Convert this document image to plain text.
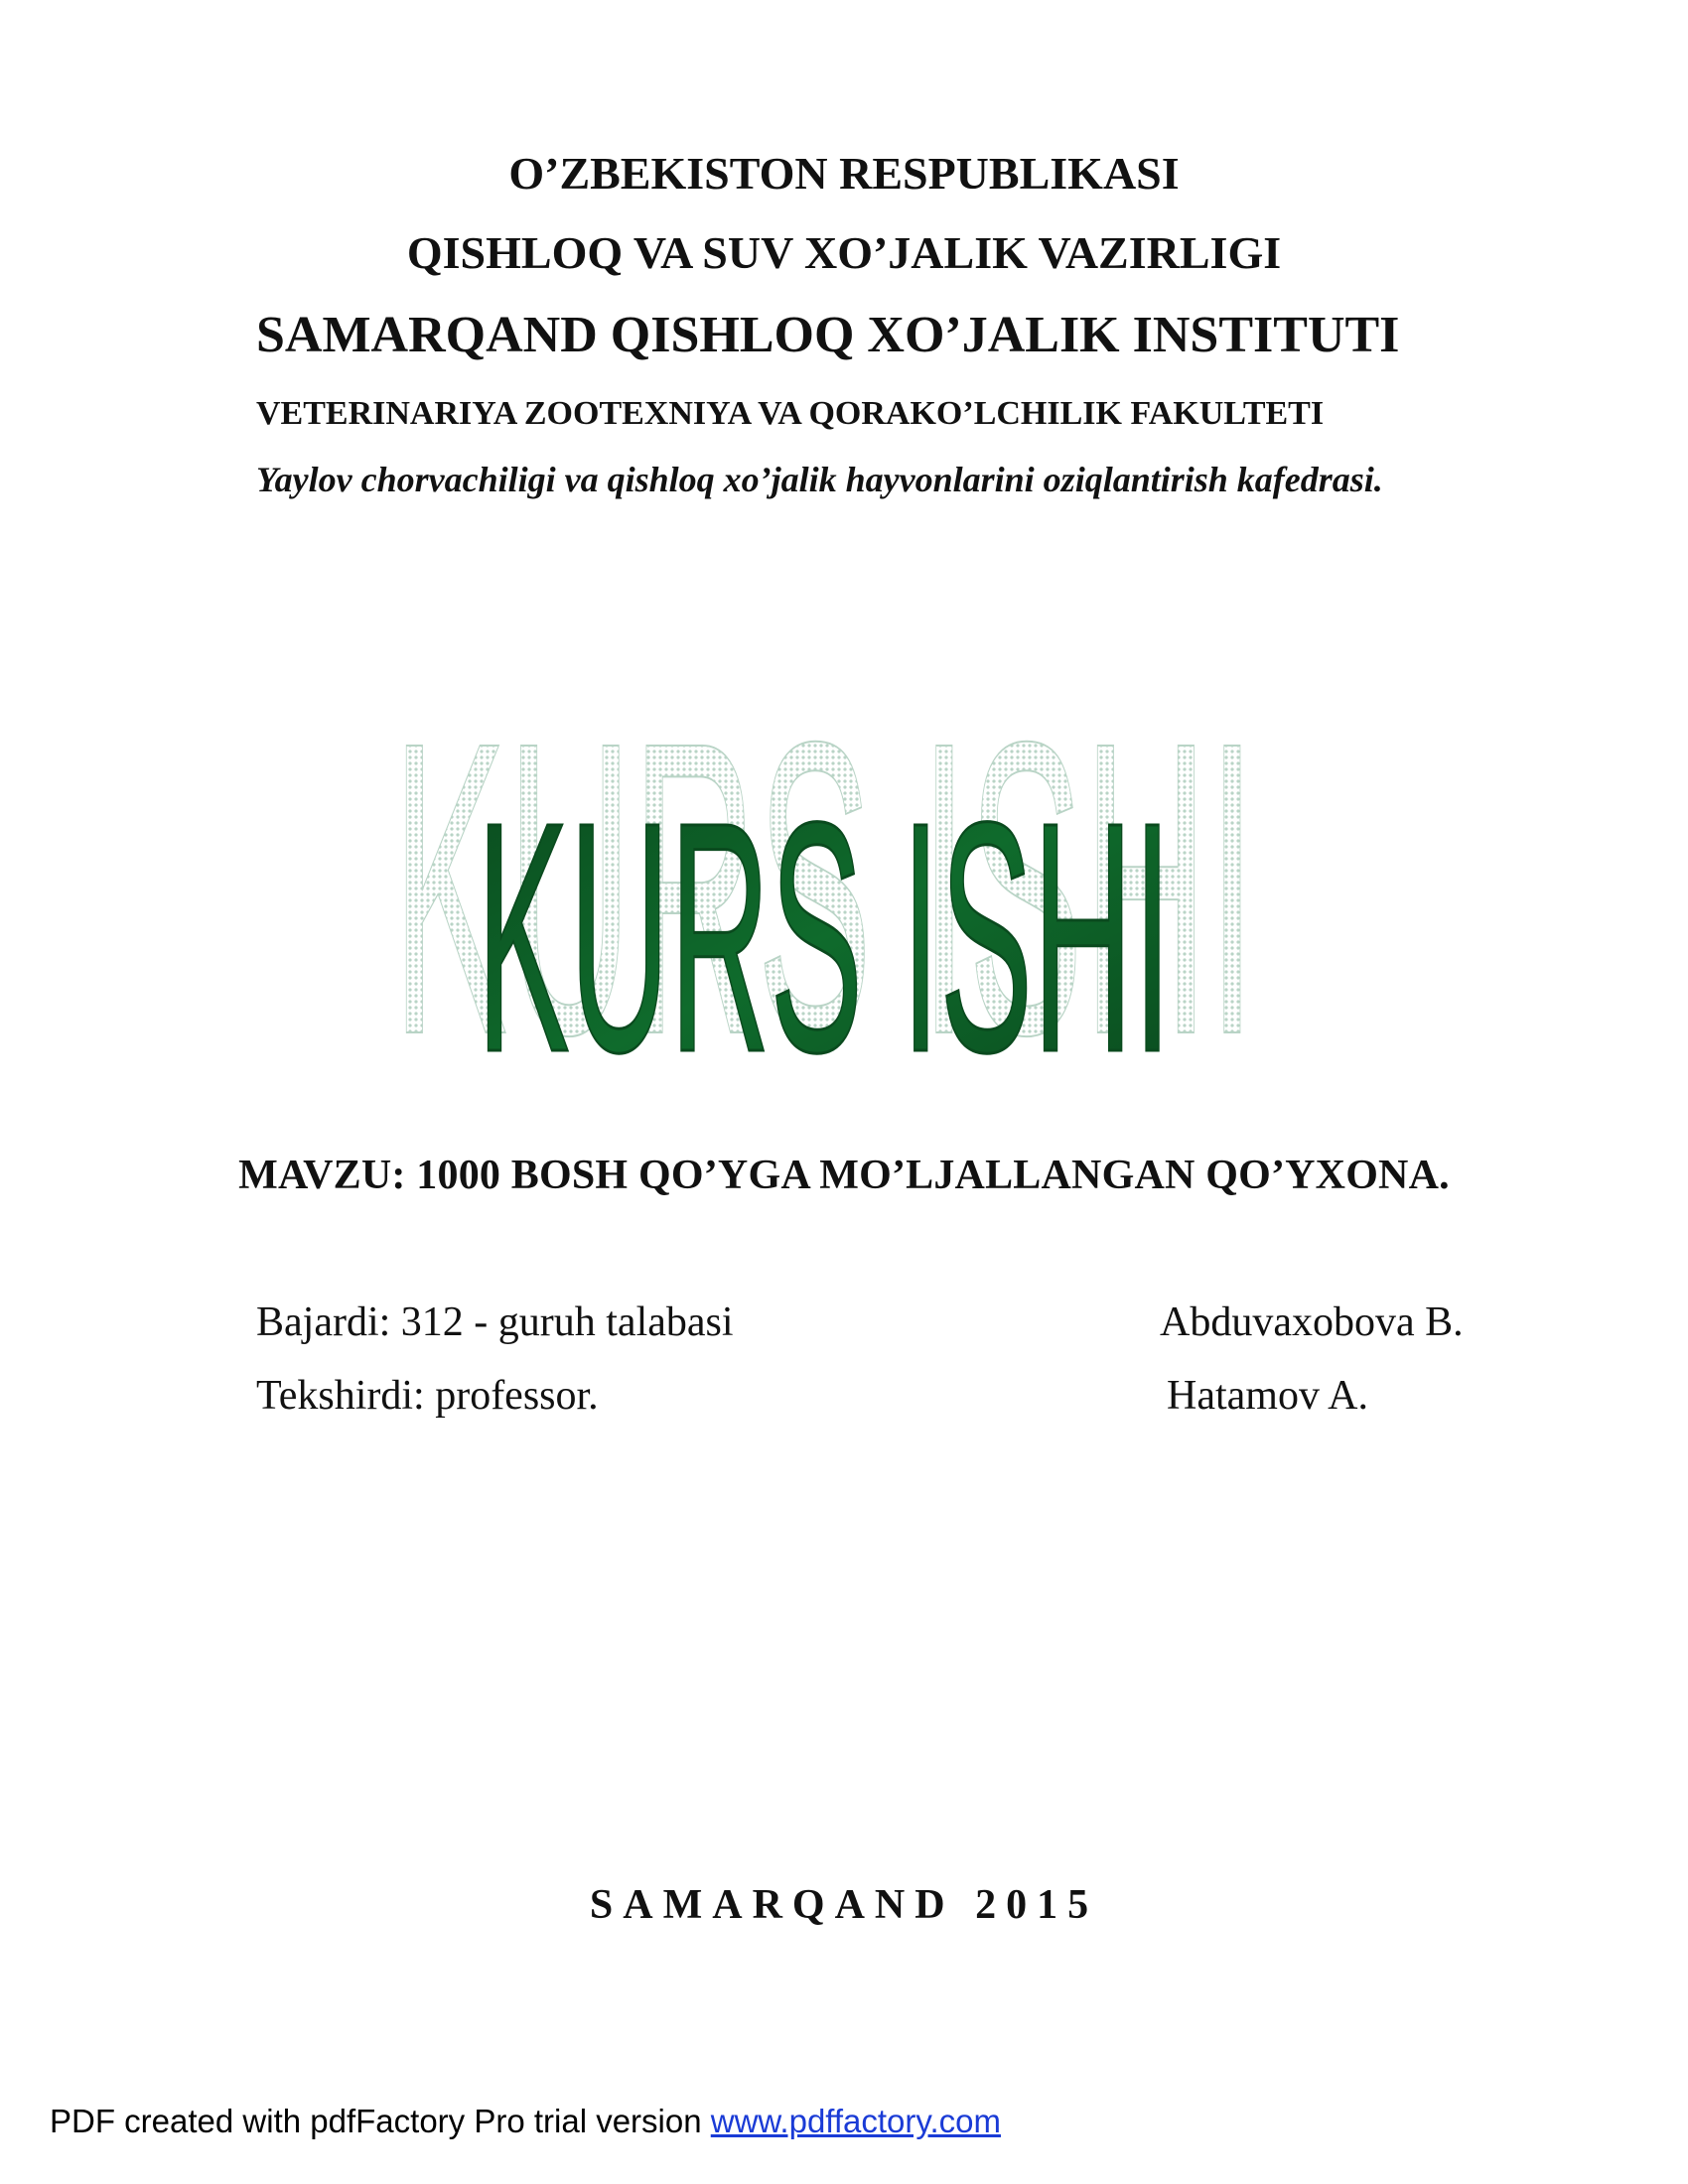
O’ZBEKISTON RESPUBLIKASI

QISHLOQ VA SUV XO’JALIK VAZIRLIGI

SAMARQAND QISHLOQ XO’JALIK INSTITUTI

VETERINARIYA ZOOTEXNIYA VA QORAKO’LCHILIK FAKULTETI

Yaylov chorvachiligi va qishloq xo’jalik hayvonlarini oziqlantirish kafedrasi.

KURS ISHI
KURS ISHI

MAVZU: 1000 BOSH QO’YGA MO’LJALLANGAN QO’YXONA.

Bajardi: 312 - guruh talabasi	Abduvaxobova B.

Tekshirdi: professor.	Hatamov A.

SAMARQAND 2015

PDF created with pdfFactory Pro trial version www.pdffactory.com
